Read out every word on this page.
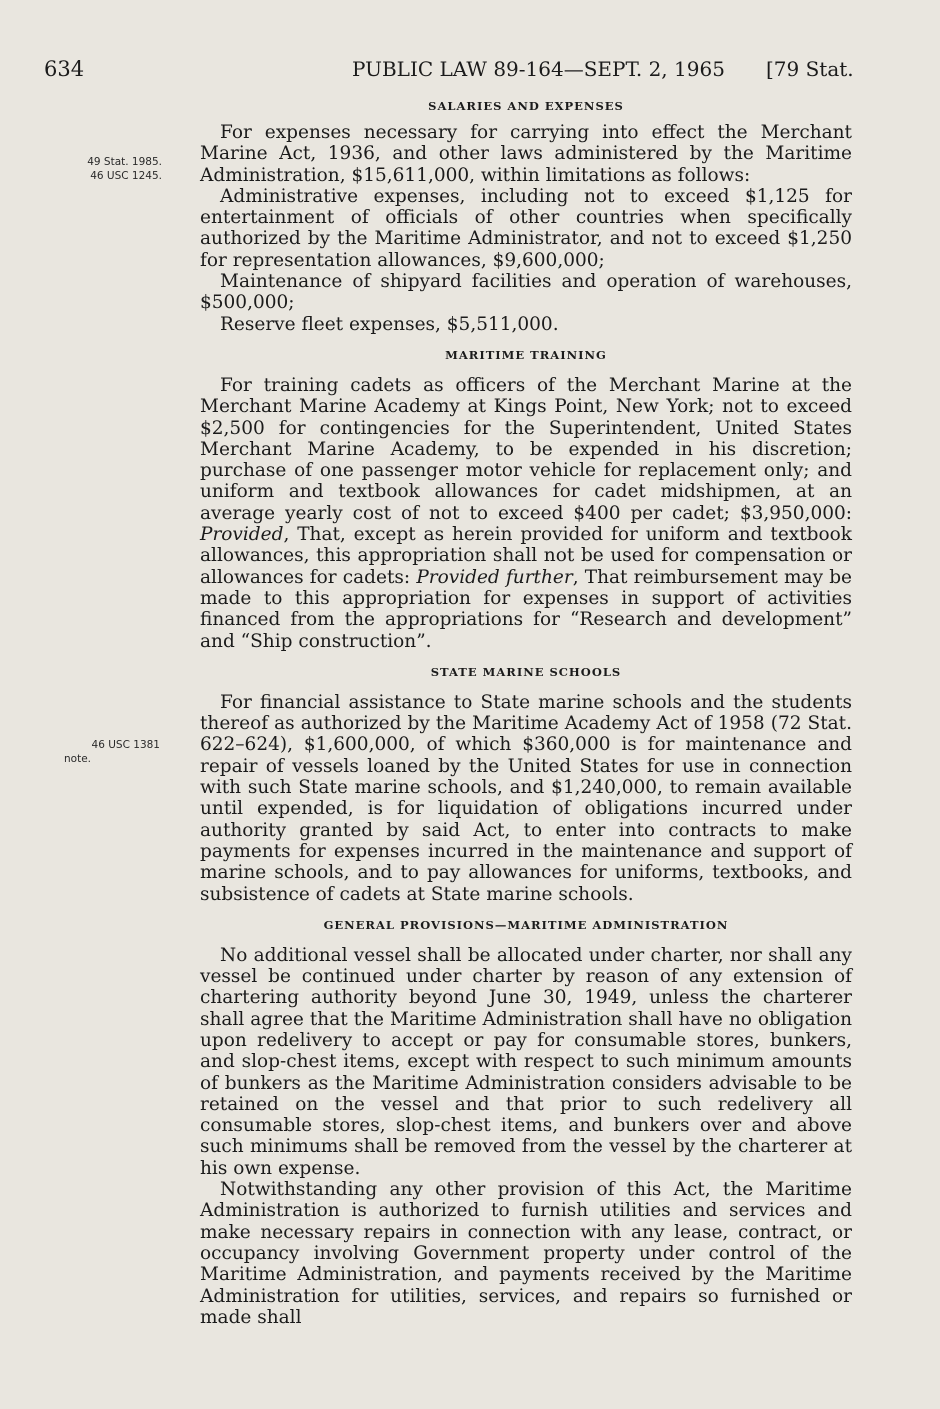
634	PUBLIC LAW 89-164—SEPT. 2, 1965 [79 Stat.
49 Stat. 1985.
46 USC 1245.
46 USC 1381
note.
SALARIES AND EXPENSES

For expenses necessary for carrying into effect the Merchant Marine Act, 1936, and other laws administered by the Maritime Administration, $15,611,000, within limitations as follows:

Administrative expenses, including not to exceed $1,125 for entertainment of officials of other countries when specifically authorized by the Maritime Administrator, and not to exceed $1,250 for representation allowances, $9,600,000;

Maintenance of shipyard facilities and operation of warehouses, $500,000;

Reserve fleet expenses, $5,511,000.

MARITIME TRAINING

For training cadets as officers of the Merchant Marine at the Merchant Marine Academy at Kings Point, New York; not to exceed $2,500 for contingencies for the Superintendent, United States Merchant Marine Academy, to be expended in his discretion; purchase of one passenger motor vehicle for replacement only; and uniform and textbook allowances for cadet midshipmen, at an average yearly cost of not to exceed $400 per cadet; $3,950,000: Provided, That, except as herein provided for uniform and textbook allowances, this appropriation shall not be used for compensation or allowances for cadets: Provided further, That reimbursement may be made to this appropriation for expenses in support of activities financed from the appropriations for “Research and development” and “Ship construction”.

STATE MARINE SCHOOLS

For financial assistance to State marine schools and the students thereof as authorized by the Maritime Academy Act of 1958 (72 Stat. 622–624), $1,600,000, of which $360,000 is for maintenance and repair of vessels loaned by the United States for use in connection with such State marine schools, and $1,240,000, to remain available until expended, is for liquidation of obligations incurred under authority granted by said Act, to enter into contracts to make payments for expenses incurred in the maintenance and support of marine schools, and to pay allowances for uniforms, textbooks, and subsistence of cadets at State marine schools.

GENERAL PROVISIONS—MARITIME ADMINISTRATION

No additional vessel shall be allocated under charter, nor shall any vessel be continued under charter by reason of any extension of chartering authority beyond June 30, 1949, unless the charterer shall agree that the Maritime Administration shall have no obligation upon redelivery to accept or pay for consumable stores, bunkers, and slop-chest items, except with respect to such minimum amounts of bunkers as the Maritime Administration considers advisable to be retained on the vessel and that prior to such redelivery all consumable stores, slop-chest items, and bunkers over and above such minimums shall be removed from the vessel by the charterer at his own expense.

Notwithstanding any other provision of this Act, the Maritime Administration is authorized to furnish utilities and services and make necessary repairs in connection with any lease, contract, or occupancy involving Government property under control of the Maritime Administration, and payments received by the Maritime Administration for utilities, services, and repairs so furnished or made shall
